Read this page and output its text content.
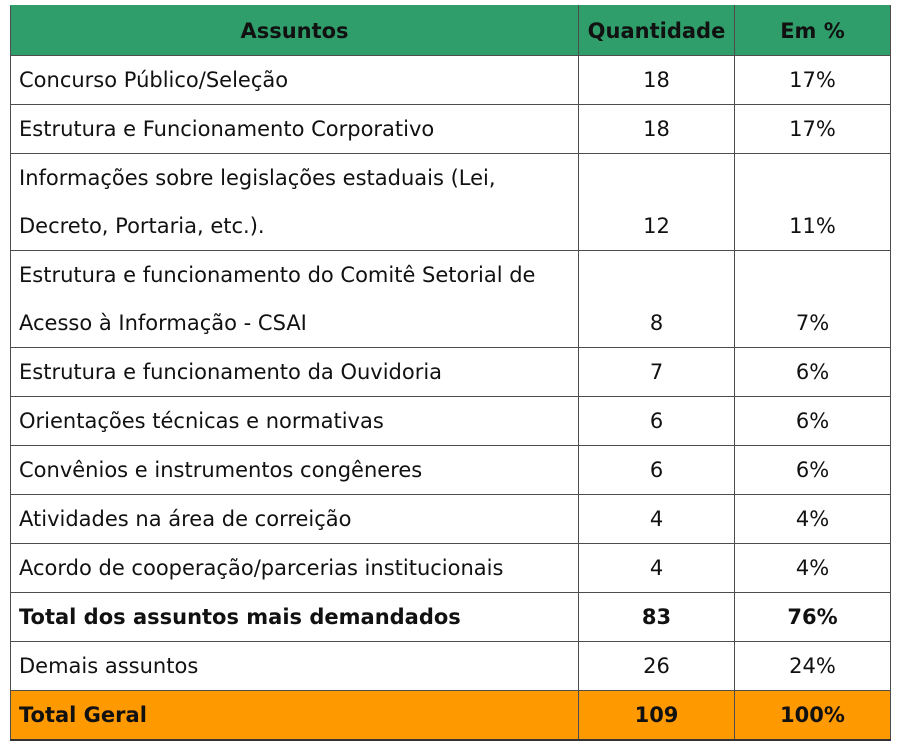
Assuntos	Quantidade	Em %
Concurso Público/Seleção	18	17%
Estrutura e Funcionamento Corporativo	18	17%

Informações sobre legislações estaduais (Lei,
Decreto, Portaria, etc.).	12	11%

Estrutura e funcionamento do Comitê Setorial de
Acesso à Informação - CSAI	8	7%
Estrutura e funcionamento da Ouvidoria	7	6%
Orientações técnicas e normativas	6	6%
Convênios e instrumentos congêneres	6	6%
Atividades na área de correição	4	4%
Acordo de cooperação/parcerias institucionais	4	4%
Total dos assuntos mais demandados	83	76%
Demais assuntos	26	24%
Total Geral	109	100%
